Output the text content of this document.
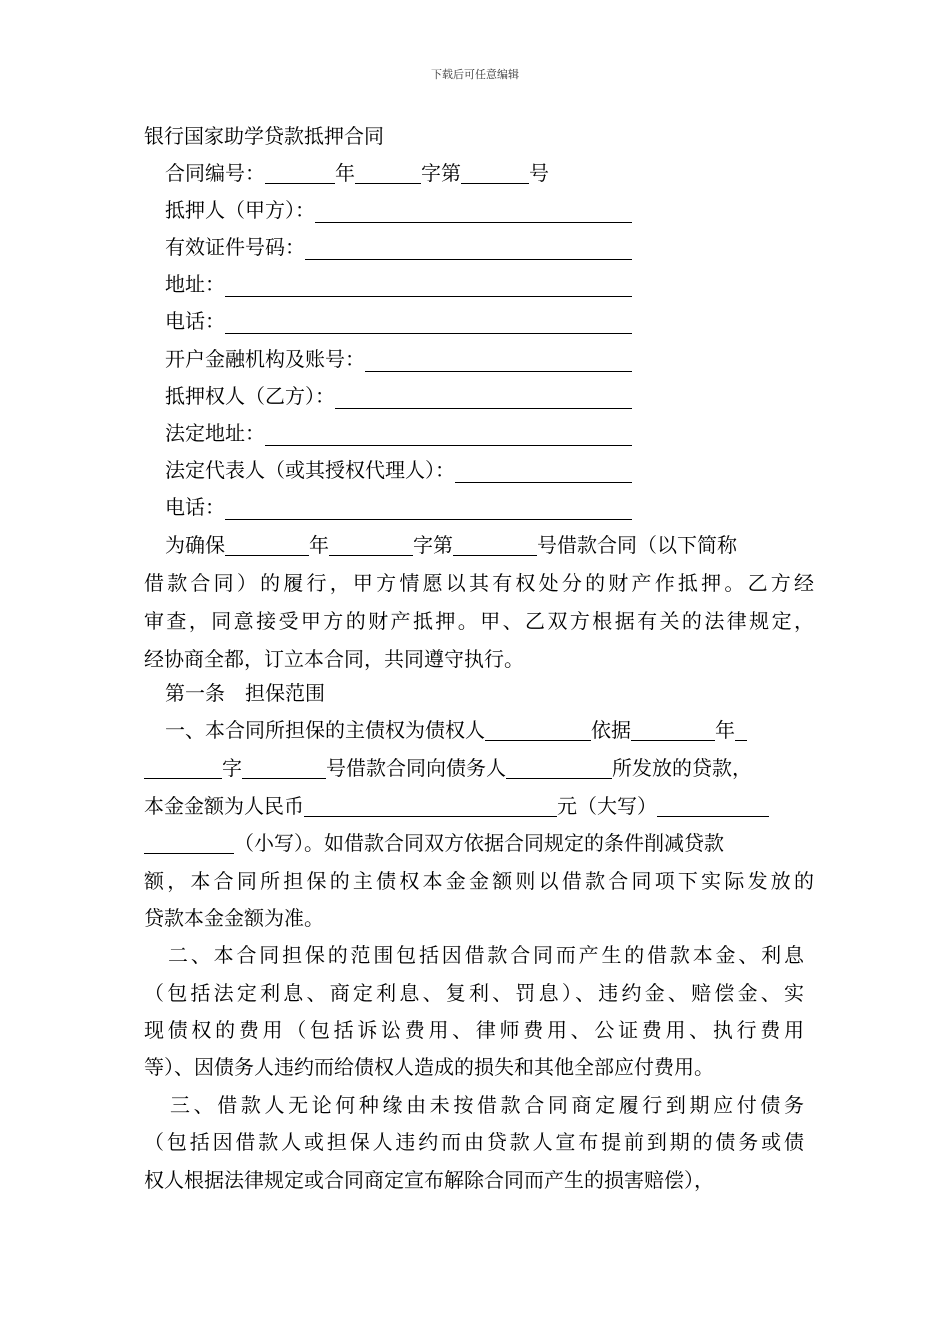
下载后可任意编辑
银行国家助学贷款抵押合同
合同编号：	年	字第	号
抵押人（甲方）：
有效证件号码：
地址：
电话：
开户金融机构及账号：
抵押权人（乙方）：
法定地址：
法定代表人（或其授权代理人）：
电话：
为确保	年	字第	号借款合同（以下简称
借款合同）的履行，甲方情愿以其有权处分的财产作抵押。乙方经
审查，同意接受甲方的财产抵押。甲、乙双方根据有关的法律规定，
经协商全都，订立本合同，共同遵守执行。
第一条　担保范围
一、本合同所担保的主债权为债权人	依据	年
字	号借款合同向债务人	所发放的贷款，
本金金额为人民币	元（大写）
（小写）。如借款合同双方依据合同规定的条件削减贷款
额，本合同所担保的主债权本金金额则以借款合同项下实际发放的
贷款本金金额为准。
二、本合同担保的范围包括因借款合同而产生的借款本金、利息
（包括法定利息、商定利息、复利、罚息）、违约金、赔偿金、实
现债权的费用（包括诉讼费用、律师费用、公证费用、执行费用
等）、因债务人违约而给债权人造成的损失和其他全部应付费用。
三、借款人无论何种缘由未按借款合同商定履行到期应付债务
（包括因借款人或担保人违约而由贷款人宣布提前到期的债务或债
权人根据法律规定或合同商定宣布解除合同而产生的损害赔偿），
